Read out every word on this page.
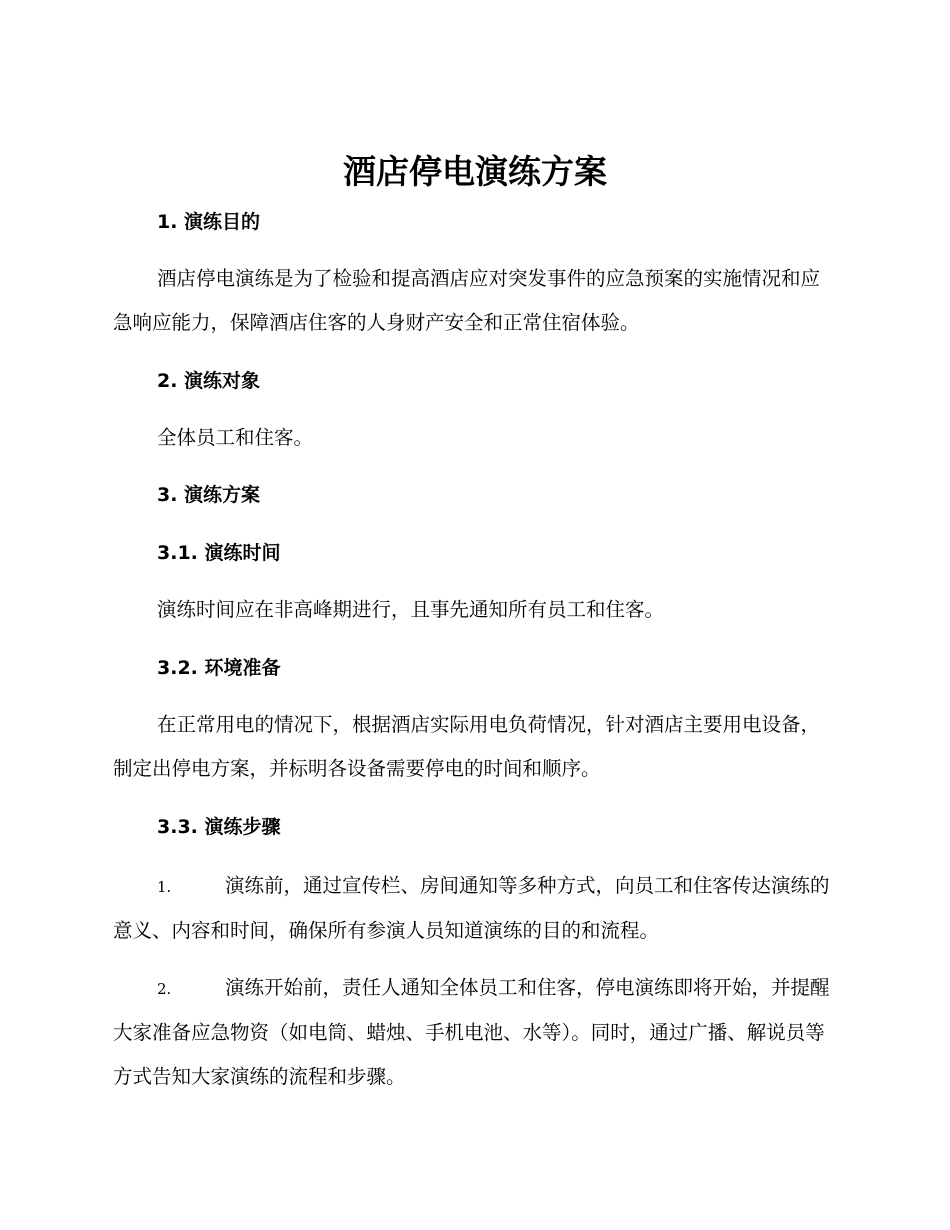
酒店停电演练方案
1. 演练目的

酒店停电演练是为了检验和提高酒店应对突发事件的应急预案的实施情况和应急响应能力，保障酒店住客的人身财产安全和正常住宿体验。

2. 演练对象

全体员工和住客。

3. 演练方案
3.1. 演练时间

演练时间应在非高峰期进行，且事先通知所有员工和住客。

3.2. 环境准备

在正常用电的情况下，根据酒店实际用电负荷情况，针对酒店主要用电设备，制定出停电方案，并标明各设备需要停电的时间和顺序。

3.3. 演练步骤

1.	演练前，通过宣传栏、房间通知等多种方式，向员工和住客传达演练的意义、内容和时间，确保所有参演人员知道演练的目的和流程。

2.	演练开始前，责任人通知全体员工和住客，停电演练即将开始，并提醒大家准备应急物资（如电筒、蜡烛、手机电池、水等）。同时，通过广播、解说员等方式告知大家演练的流程和步骤。
